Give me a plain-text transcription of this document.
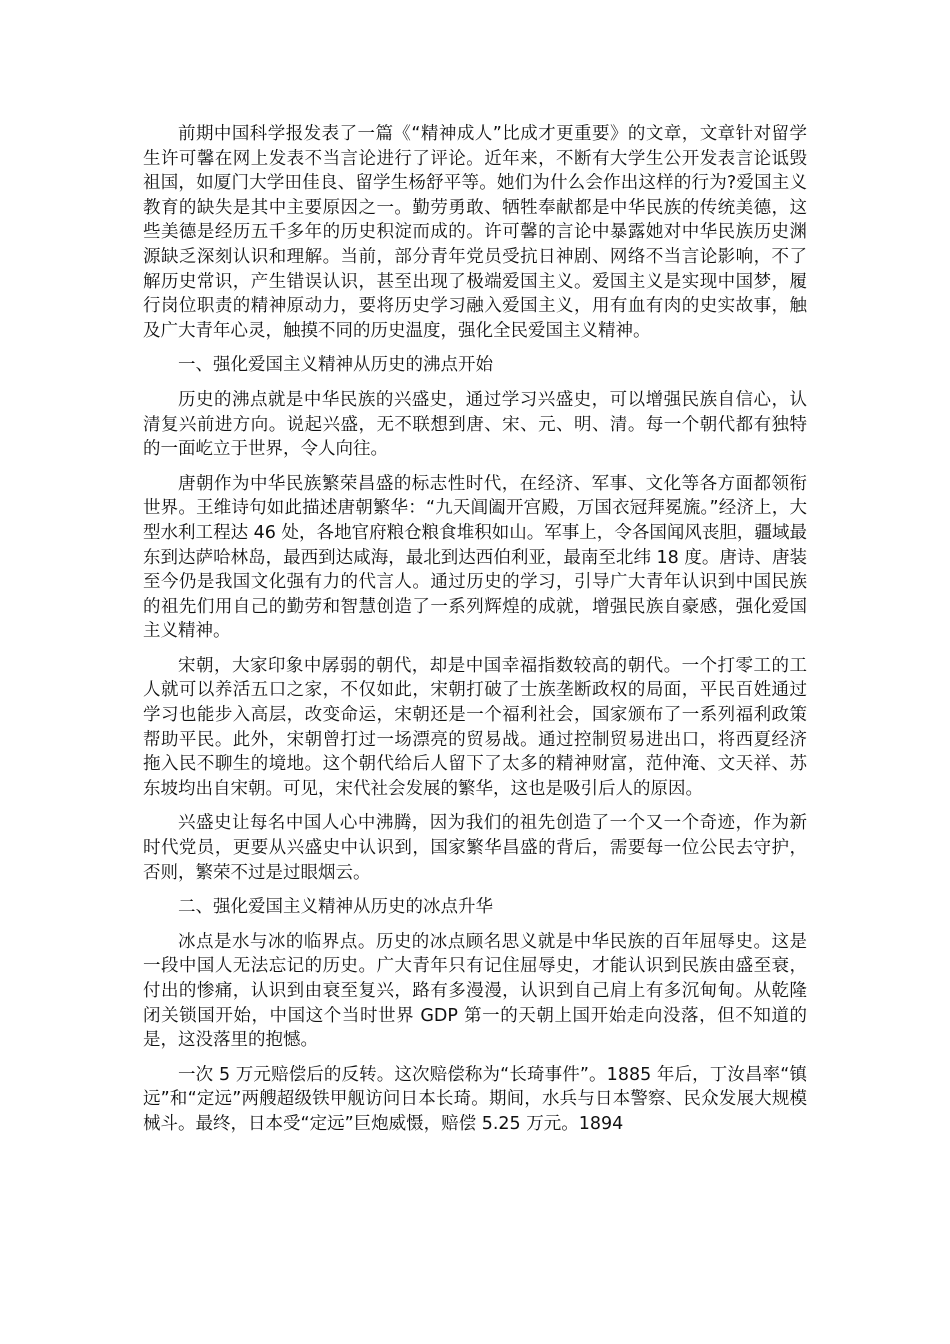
前期中国科学报发表了一篇《“精神成人”比成才更重要》的文章，文章针对留学生许可馨在网上发表不当言论进行了评论。近年来，不断有大学生公开发表言论诋毁祖国，如厦门大学田佳良、留学生杨舒平等。她们为什么会作出这样的行为?爱国主义教育的缺失是其中主要原因之一。勤劳勇敢、牺牲奉献都是中华民族的传统美德，这些美德是经历五千多年的历史积淀而成的。许可馨的言论中暴露她对中华民族历史渊源缺乏深刻认识和理解。当前，部分青年党员受抗日神剧、网络不当言论影响，不了解历史常识，产生错误认识，甚至出现了极端爱国主义。爱国主义是实现中国梦，履行岗位职责的精神原动力，要将历史学习融入爱国主义，用有血有肉的史实故事，触及广大青年心灵，触摸不同的历史温度，强化全民爱国主义精神。

一、强化爱国主义精神从历史的沸点开始

历史的沸点就是中华民族的兴盛史，通过学习兴盛史，可以增强民族自信心，认清复兴前进方向。说起兴盛，无不联想到唐、宋、元、明、清。每一个朝代都有独特的一面屹立于世界，令人向往。

唐朝作为中华民族繁荣昌盛的标志性时代，在经济、军事、文化等各方面都领衔世界。王维诗句如此描述唐朝繁华：“九天阊阖开宫殿，万国衣冠拜冕旒。”经济上，大型水利工程达 46 处，各地官府粮仓粮食堆积如山。军事上，令各国闻风丧胆，疆域最东到达萨哈林岛，最西到达咸海，最北到达西伯利亚，最南至北纬 18 度。唐诗、唐装至今仍是我国文化强有力的代言人。通过历史的学习，引导广大青年认识到中国民族的祖先们用自己的勤劳和智慧创造了一系列辉煌的成就，增强民族自豪感，强化爱国主义精神。

宋朝，大家印象中孱弱的朝代，却是中国幸福指数较高的朝代。一个打零工的工人就可以养活五口之家，不仅如此，宋朝打破了士族垄断政权的局面，平民百姓通过学习也能步入高层，改变命运，宋朝还是一个福利社会，国家颁布了一系列福利政策帮助平民。此外，宋朝曾打过一场漂亮的贸易战。通过控制贸易进出口，将西夏经济拖入民不聊生的境地。这个朝代给后人留下了太多的精神财富，范仲淹、文天祥、苏东坡均出自宋朝。可见，宋代社会发展的繁华，这也是吸引后人的原因。

兴盛史让每名中国人心中沸腾，因为我们的祖先创造了一个又一个奇迹，作为新时代党员，更要从兴盛史中认识到，国家繁华昌盛的背后，需要每一位公民去守护，否则，繁荣不过是过眼烟云。

二、强化爱国主义精神从历史的冰点升华

冰点是水与冰的临界点。历史的冰点顾名思义就是中华民族的百年屈辱史。这是一段中国人无法忘记的历史。广大青年只有记住屈辱史，才能认识到民族由盛至衰，付出的惨痛，认识到由衰至复兴，路有多漫漫，认识到自己肩上有多沉甸甸。从乾隆闭关锁国开始，中国这个当时世界 GDP 第一的天朝上国开始走向没落，但不知道的是，这没落里的抱憾。

一次 5 万元赔偿后的反转。这次赔偿称为“长琦事件”。1885 年后，丁汝昌率“镇远”和“定远”两艘超级铁甲舰访问日本长琦。期间，水兵与日本警察、民众发展大规模械斗。最终，日本受“定远”巨炮威慑，赔偿 5.25 万元。1894
